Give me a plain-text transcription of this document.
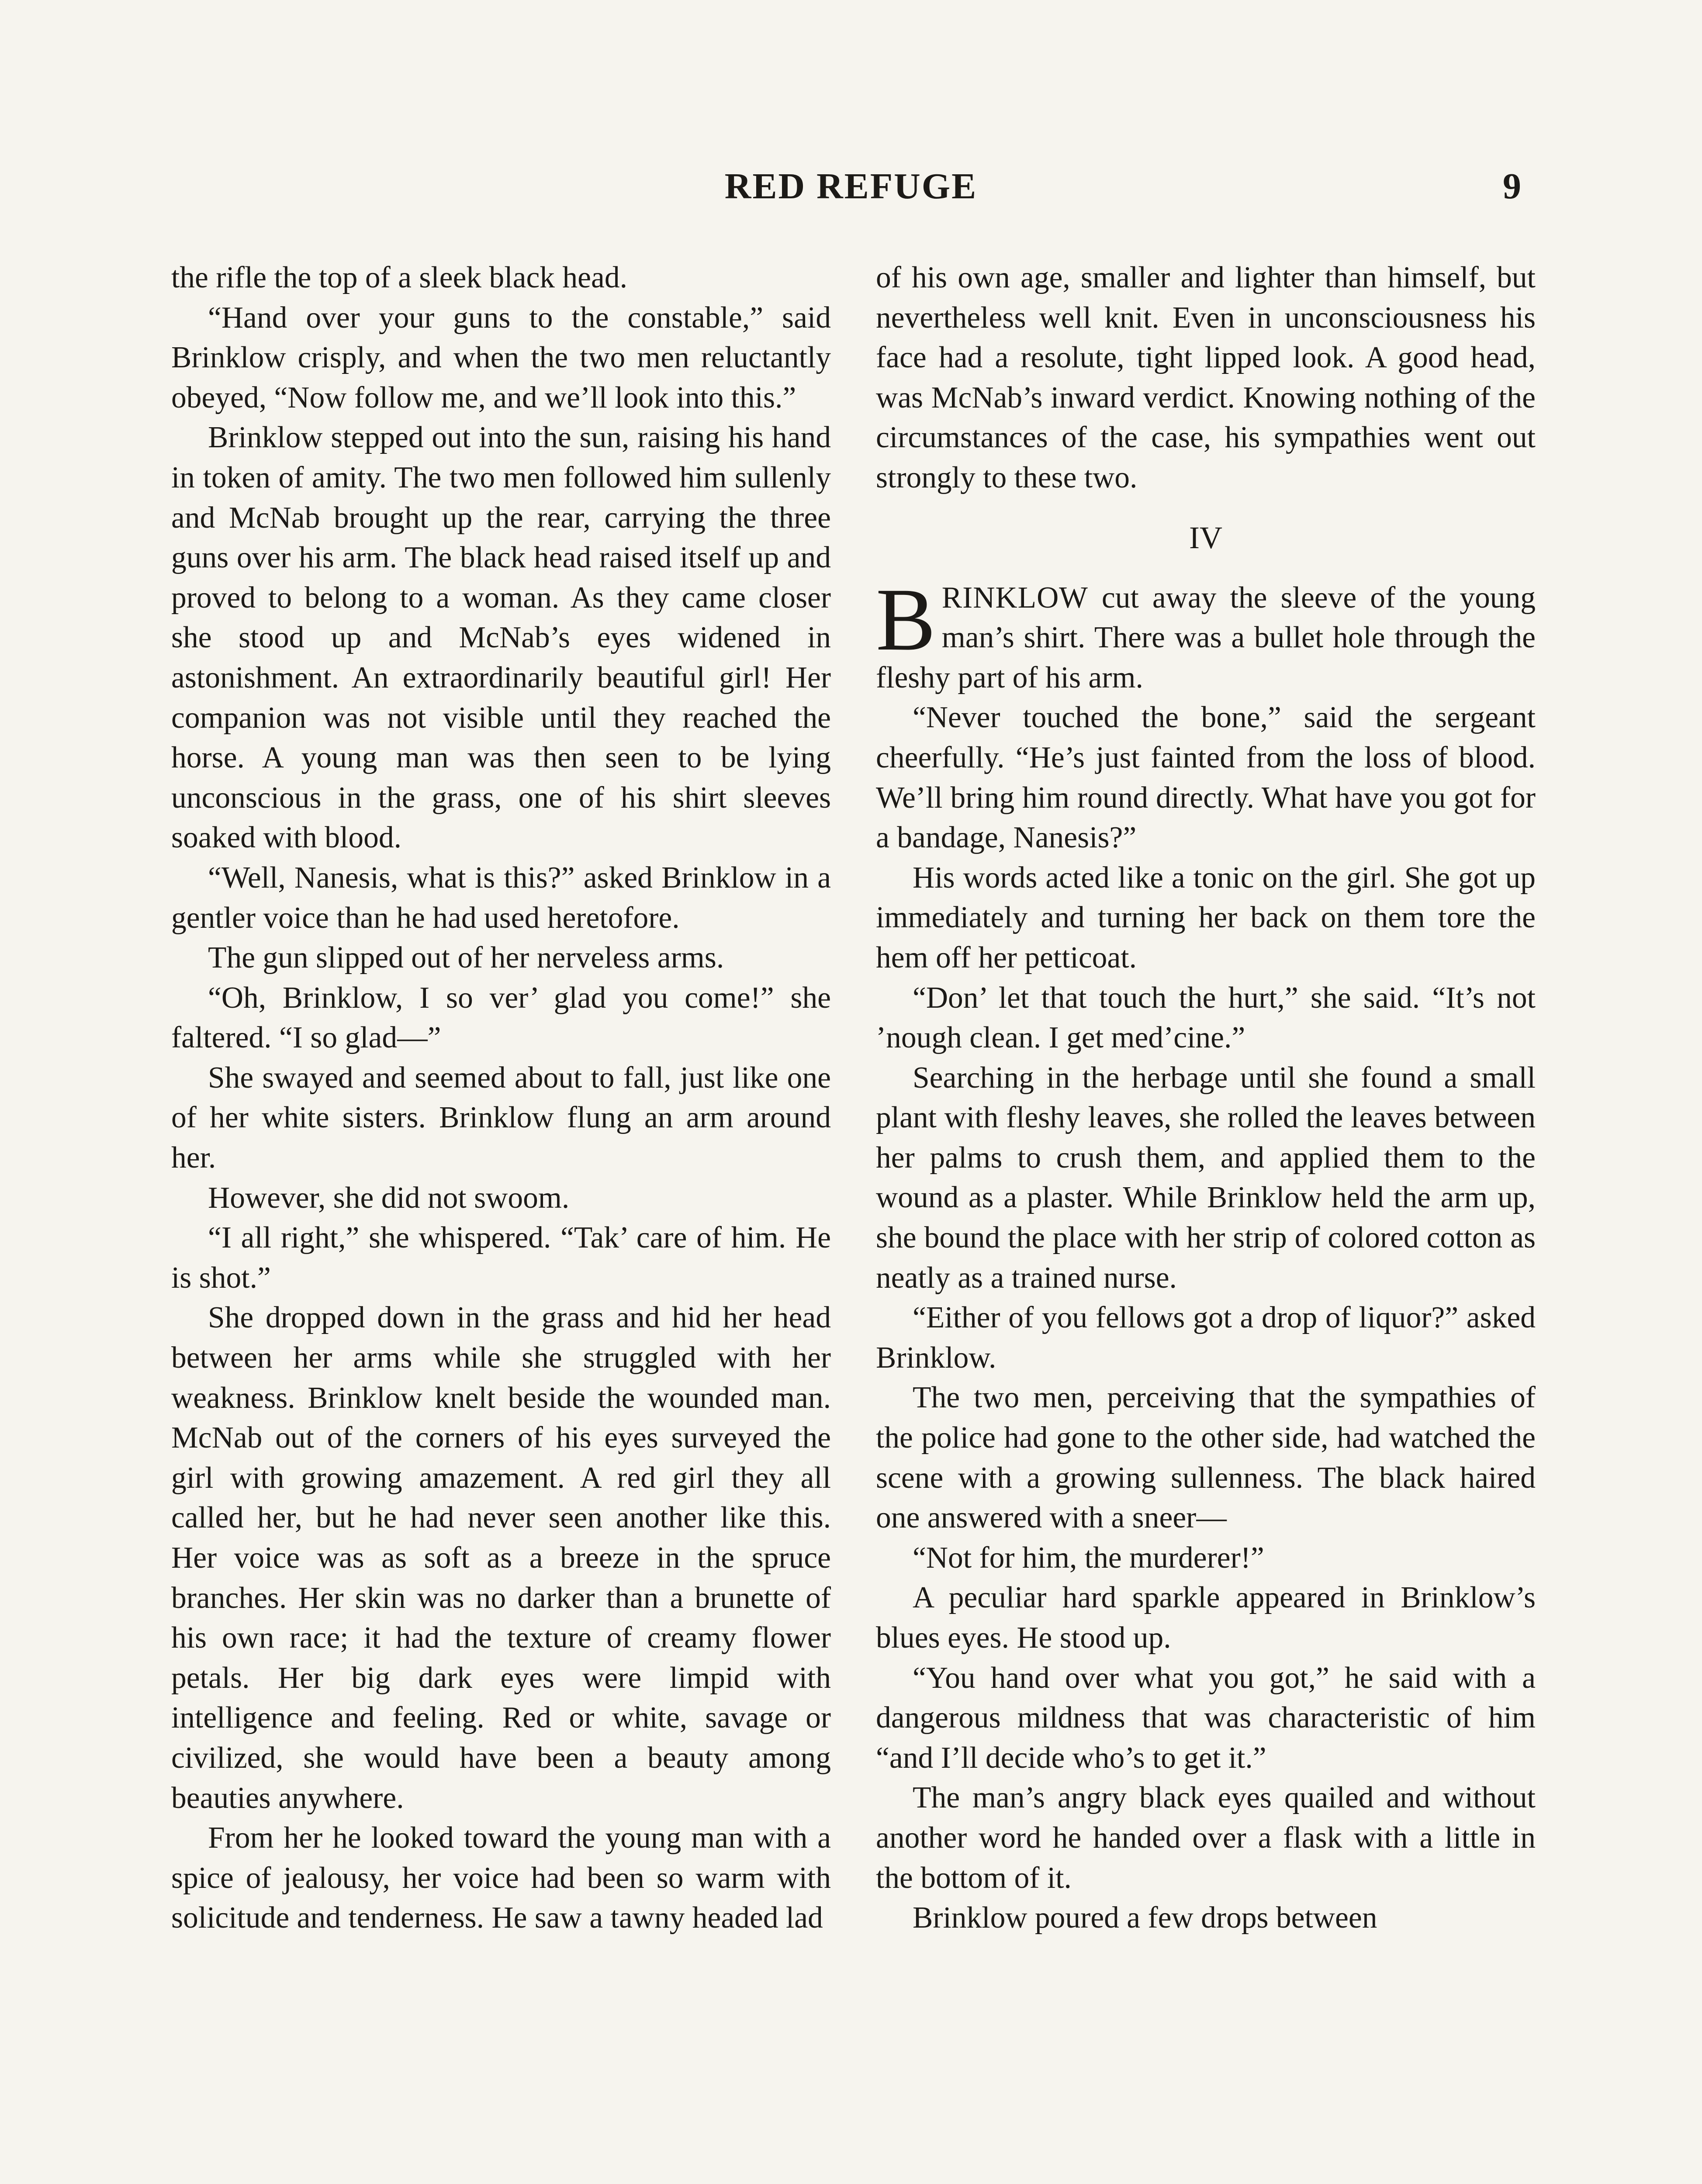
RED REFUGE	9

the rifle the top of a sleek black head.

“Hand over your guns to the constable,” said Brinklow crisply, and when the two men reluctantly obeyed, “Now follow me, and we’ll look into this.”

Brinklow stepped out into the sun, raising his hand in token of amity. The two men followed him sullenly and McNab brought up the rear, carrying the three guns over his arm. The black head raised itself up and proved to belong to a woman. As they came closer she stood up and McNab’s eyes widened in astonishment. An extraordinarily beautiful girl! Her companion was not visible until they reached the horse. A young man was then seen to be lying unconscious in the grass, one of his shirt sleeves soaked with blood.

“Well, Nanesis, what is this?” asked Brinklow in a gentler voice than he had used heretofore.

The gun slipped out of her nerveless arms.

“Oh, Brinklow, I so ver’ glad you come!” she faltered. “I so glad—”

She swayed and seemed about to fall, just like one of her white sisters. Brinklow flung an arm around her.

However, she did not swoom.

“I all right,” she whispered. “Tak’ care of him. He is shot.”

She dropped down in the grass and hid her head between her arms while she struggled with her weakness. Brinklow knelt beside the wounded man. McNab out of the corners of his eyes surveyed the girl with growing amazement. A red girl they all called her, but he had never seen another like this. Her voice was as soft as a breeze in the spruce branches. Her skin was no darker than a brunette of his own race; it had the texture of creamy flower petals. Her big dark eyes were limpid with intelligence and feeling. Red or white, savage or civilized, she would have been a beauty among beauties anywhere.

From her he looked toward the young man with a spice of jealousy, her voice had been so warm with solicitude and tenderness. He saw a tawny headed lad

of his own age, smaller and lighter than himself, but nevertheless well knit. Even in unconsciousness his face had a resolute, tight lipped look. A good head, was McNab’s inward verdict. Knowing nothing of the circumstances of the case, his sympathies went out strongly to these two.

IV

BRINKLOW cut away the sleeve of the young man’s shirt. There was a bullet hole through the fleshy part of his arm.

“Never touched the bone,” said the sergeant cheerfully. “He’s just fainted from the loss of blood. We’ll bring him round directly. What have you got for a bandage, Nanesis?”

His words acted like a tonic on the girl. She got up immediately and turning her back on them tore the hem off her petticoat.

“Don’ let that touch the hurt,” she said. “It’s not ’nough clean. I get med’cine.”

Searching in the herbage until she found a small plant with fleshy leaves, she rolled the leaves between her palms to crush them, and applied them to the wound as a plaster. While Brinklow held the arm up, she bound the place with her strip of colored cotton as neatly as a trained nurse.

“Either of you fellows got a drop of liquor?” asked Brinklow.

The two men, perceiving that the sympathies of the police had gone to the other side, had watched the scene with a growing sullenness. The black haired one answered with a sneer—

“Not for him, the murderer!”

A peculiar hard sparkle appeared in Brinklow’s blues eyes. He stood up.

“You hand over what you got,” he said with a dangerous mildness that was characteristic of him “and I’ll decide who’s to get it.”

The man’s angry black eyes quailed and without another word he handed over a flask with a little in the bottom of it.

Brinklow poured a few drops between
